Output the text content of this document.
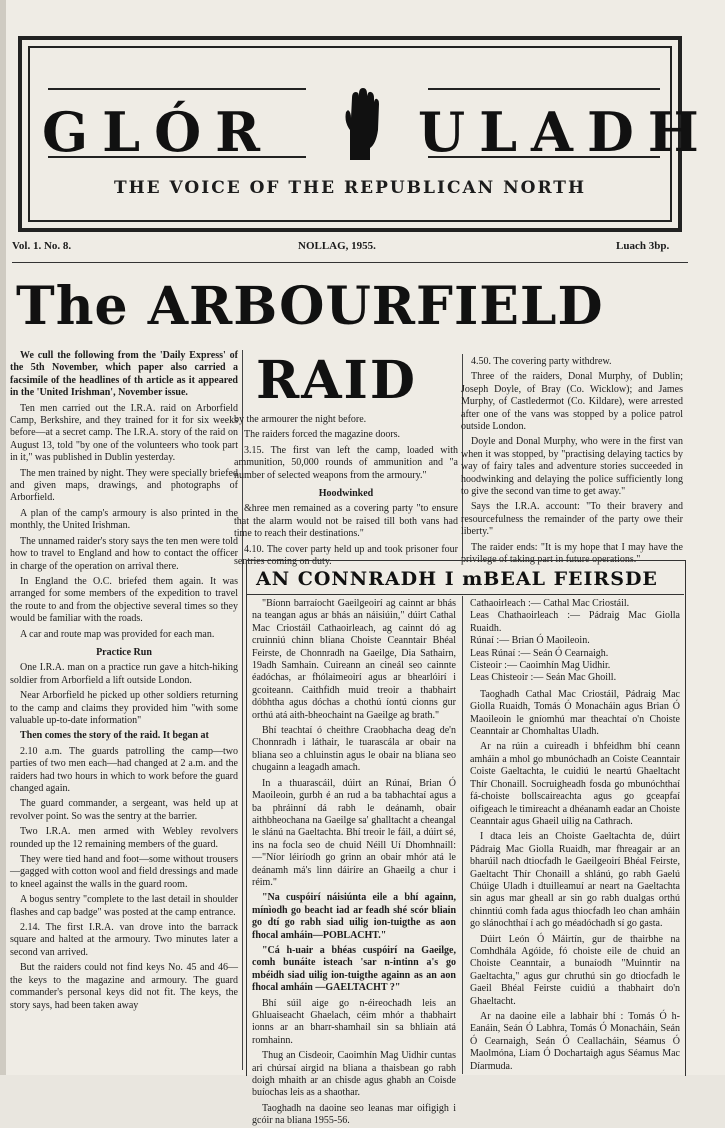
GLÓR	ULADH
THE VOICE OF THE REPUBLICAN NORTH
Vol. 1. No. 8.	NOLLAG, 1955.	Luach 3bp.
The ARBOURFIELD
RAID

We cull the following from the 'Daily Express' of the 5th November, which paper also carried a facsimile of the headlines of th article as it appeared in the 'United Irishman', November issue.

Ten men carried out the I.R.A. raid on Arborfield Camp, Berkshire, and they trained for it for six weeks before—at a secret camp. The I.R.A. story of the raid on August 13, told "by one of the volunteers who took part in it," was published in Dublin yesterday.

The men trained by night. They were specially briefed and given maps, drawings, and photographs of Arborfield.

A plan of the camp's armoury is also printed in the monthly, the United Irishman.

The unnamed raider's story says the ten men were told how to travel to England and how to contact the officer in charge of the operation on arrival there.

In England the O.C. briefed them again. It was arranged for some members of the expedition to travel the route to and from the objective several times so they would be familiar with the roads.

A car and route map was provided for each man.

Practice Run

One I.R.A. man on a practice run gave a hitch-hiking soldier from Arborfield a lift outside London.

Near Arborfield he picked up other soldiers returning to the camp and claims they provided him "with some valuable up-to-date information"

Then comes the story of the raid. It began at

2.10 a.m. The guards patrolling the camp—two parties of two men each—had changed at 2 a.m. and the raiders had two hours in which to work before the guard changed again.

The guard commander, a sergeant, was held up at revolver point. So was the sentry at the barrier.

Two I.R.A. men armed with Webley revolvers rounded up the 12 remaining members of the guard.

They were tied hand and foot—some without trousers—gagged with cotton wool and field dressings and made to kneel against the walls in the guard room.

A bogus sentry "complete to the last detail in shoulder flashes and cap badge" was posted at the camp entrance.

2.14. The first I.R.A. van drove into the barrack square and halted at the armoury. Two minutes later a second van arrived.

But the raiders could not find keys No. 45 and 46—the keys to the magazine and armoury. The guard commander's personal keys did not fit. The keys, the story says, had been taken away

by the armourer the night before.

The raiders forced the magazine doors.

3.15. The first van left the camp, loaded with ammunition, 50,000 rounds of ammunition and "a number of selected weapons from the armoury."

Hoodwinked

&hree men remained as a covering party "to ensure that the alarm would not be raised till both vans had time to reach their destinations."

4.10. The cover party held up and took prisoner four sentries coming on duty.

4.50. The covering party withdrew.

Three of the raiders, Donal Murphy, of Dublin; Joseph Doyle, of Bray (Co. Wicklow); and James Murphy, of Castledermot (Co. Kildare), were arrested after one of the vans was stopped by a police patrol outside London.

Doyle and Donal Murphy, who were in the first van when it was stopped, by "practising delaying tactics by way of fairy tales and adventure stories succeeded in hoodwinking and delaying the police sufficiently long to give the second van time to get away."

Says the I.R.A. account: "To their bravery and resourcefulness the remainder of the party owe their liberty."

The raider ends: "It is my hope that I may have the privilege of taking part in future operations."

AN CONNRADH I mBEAL FEIRSDE

"Bíonn barraíocht Gaeilgeoirí ag cainnt ar bhás na teangan agus ar bhás an náisiúin," dúirt Cathal Mac Criostáil Cathaoirleach, ag cainnt dó ag cruinniú chinn bliana Choiste Ceanntair Bhéal Feirste, de Chonnradh na Gaeilge, Dia Sathairn, 19adh Samhain. Cuireann an cineál seo cainnte éadóchas, ar fhólaimeoirí agus ar bhearlóirí i gcoiteann. Caithfidh muid treoir a thabhairt dóbhtha agus dóchas a chothú íontú cionns gur orthú atá aith-bheochaint na Gaeilge ag brath."

Bhí teachtaí ó cheithre Craobhacha deag de'n Chonnradh i láthair, le tuarascála ar obair na bliana seo a chluinstin agus le obair na bliana seo chugainn a leagadh amach.

In a thuarascáil, dúirt an Rúnaí, Brian Ó Maoileoin, gurbh é an rud a ba tabhachtaí agus a ba phráinní dá rabh le deánamh, obair aithbheochana na Gaeilge sa' ghalltacht a cheangal le slánú na Gaeltachta. Bhí treoir le fáil, a dúirt sé, ins na focla seo de chuid Néill Uí Dhomhnaill:—"Níor léiríodh go grinn an obair mhór atá le deánamh má's linn dáiríre an Ghaeilg a chur i réim."

"Na cuspóirí náisiúnta eile a bhí againn, mínìodh go beacht iad ar feadh shé scór bliain go dtí go rabh siad uilig ion-tuigthe as aon fhocal amháin—POBLACHT."

"Cá h-uair a bhéas cuspóirí na Gaeilge, comh bunáite isteach 'sar n-intinn a's go mbéidh siad uilig ion-tuigthe againn as an aon fhocal amháin —GAELTACHT ?"

Bhí súil aige go n-éireochadh leis an Ghluaiseacht Ghaelach, céim mhór a thabhairt ionns ar an bharr-shamhail sin sa bhliain atá romhainn.

Thug an Cisdeoir, Caoimhín Mag Uidhir cuntas ari chúrsaí airgid na bliana a thaisbean go rabh doigh mhaith ar an chisde agus ghabh an Coisde buíochas leis as a shaothar.

Taoghadh na daoine seo leanas mar oifigigh i gcóir na bliana 1955-56.

Cathaoirleach :— Cathal Mac Criostáil.

Leas Chathaoirleach :— Pádraig Mac Giolla Ruaidh.

Rúnaí :— Brian Ó Maoileoin.

Leas Rúnaí :— Seán Ó Cearnaigh.

Cisteoir :— Caoimhín Mag Uidhir.

Leas Chisteoir :— Seán Mac Ghoill.

Taoghadh Cathal Mac Criostáil, Pádraig Mac Giolla Ruaidh, Tomás Ó Monacháin agus Brian Ó Maoileoin le gníomhú mar theachtaí o'n Choiste Ceanntair ar Chomhaltas Uladh.

Ar na rúin a cuireadh i bhfeidhm bhí ceann amháin a mhol go mbunóchadh an Coiste Ceanntair Coiste Gaeltachta, le cuidiú le neartú Ghaeltacht Thír Chonaill. Socruigheadh fosda go mbunóchthaí fá-choiste bollscaireachta agus go gceapfaí oifigeach le timireacht a dhéanamh eadar an Choiste Ceanntair agus Ghaeil uilig na Cathrach.

I dtaca leis an Choiste Gaeltachta de, dúirt Pádraig Mac Giolla Ruaidh, mar fhreagair ar an bharúil nach dtiocfadh le Gaeilgeoirí Bhéal Feirste, Gaeltacht Thír Chonaill a shlánú, go rabh Gaelú Chúige Uladh i dtuilleamuí ar neart na Gaeltachta sin agus mar gheall ar sin go rabh dualgas orthú chinntiú comh fada agus thiocfadh leo chan amháin go slánochthaí í ach go méadóchadh sí go gasta.

Dúirt León Ó Máirtín, gur de thairbhe na Comhdhála Agóide, fó choiste eile de chuid an Choiste Ceanntair, a bunaíodh "Muinntir na Gaeltachta," agus gur chruthú sin go dtiocfadh le Gaeil Bhéal Feirste cuidiú a thabhairt do'n Ghaeltacht.

Ar na daoine eile a labhair bhí : Tomás Ó h-Eanáin, Seán Ó Labhra, Tomás Ó Monacháin, Seán Ó Cearnaigh, Seán Ó Ceallacháin, Séamus Ó Maolmóna, Liam Ó Dochartaigh agus Séamus Mac Díarmuda.
